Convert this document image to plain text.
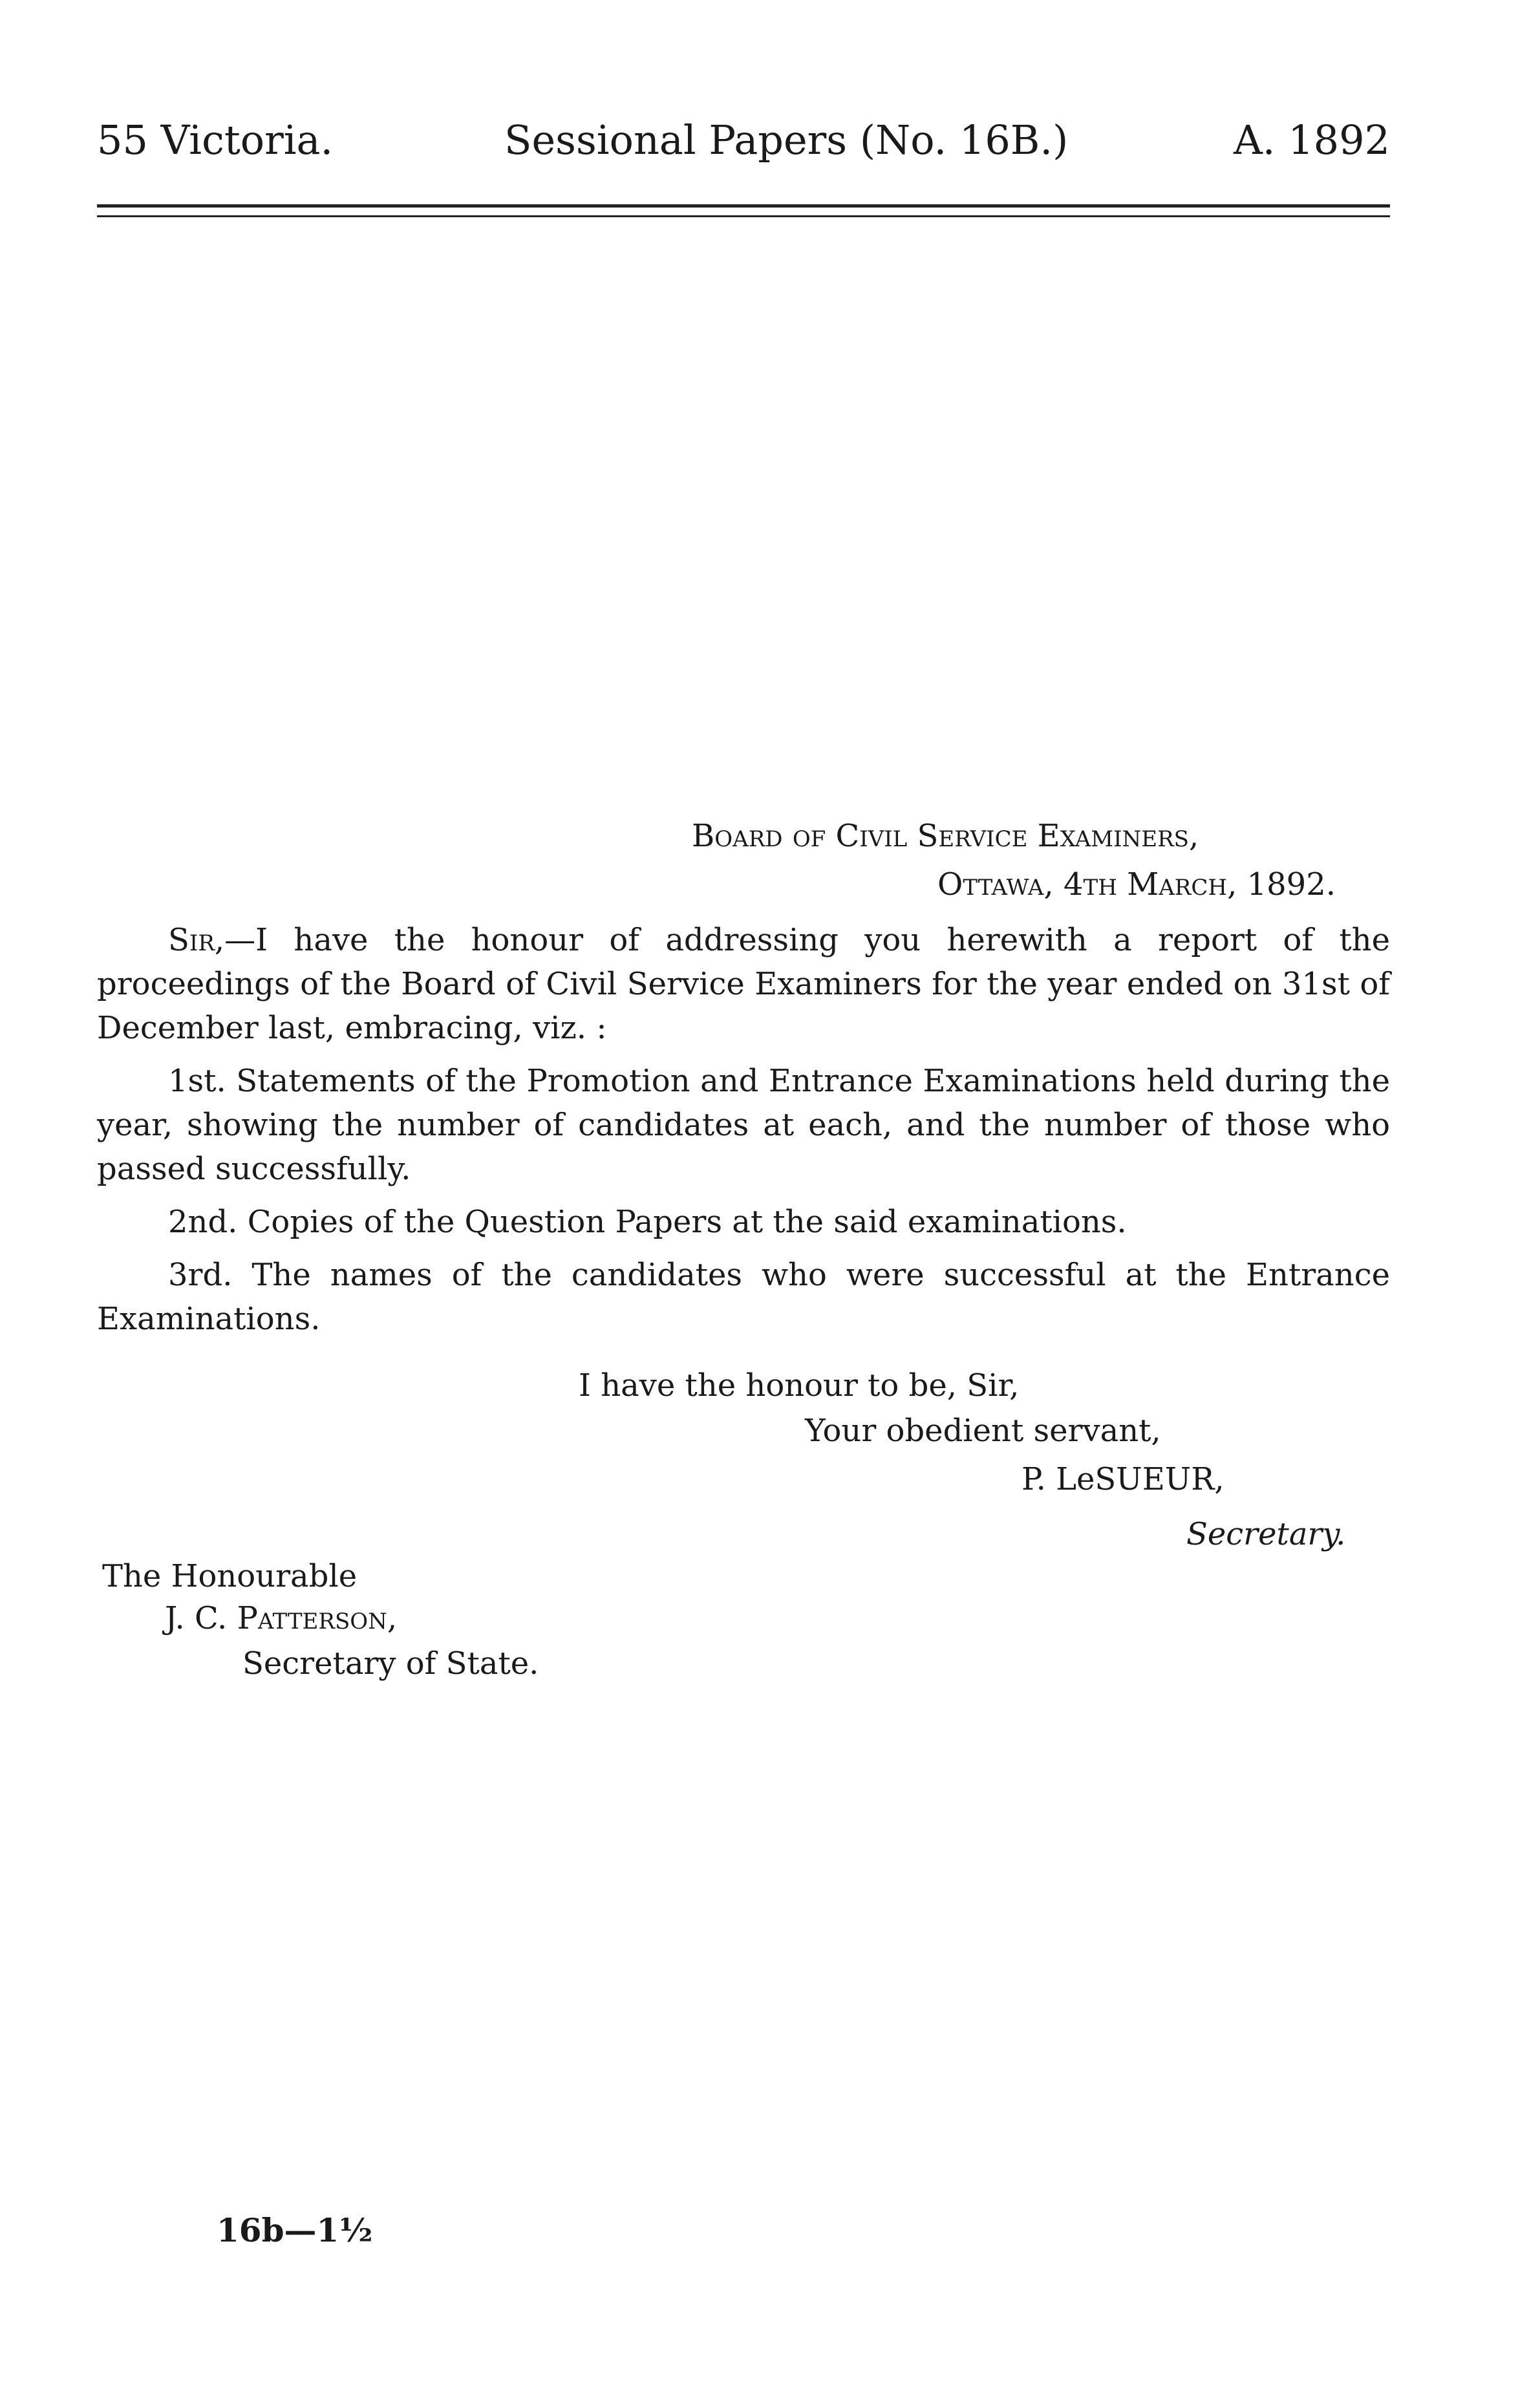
55 Victoria.	Sessional Papers (No. 16B.)	A. 1892
Board of Civil Service Examiners,
Ottawa, 4th March, 1892.

Sir,—I have the honour of addressing you herewith a report of the proceedings of the Board of Civil Service Examiners for the year ended on 31st of December last, embracing, viz. :

1st. Statements of the Promotion and Entrance Examinations held during the year, showing the number of candidates at each, and the number of those who passed successfully.

2nd. Copies of the Question Papers at the said examinations.

3rd. The names of the candidates who were successful at the Entrance Examinations.

I have the honour to be, Sir,
Your obedient servant,
P. LeSUEUR,
Secretary.
The Honourable
J. C. Patterson,
Secretary of State.
16b—1½
